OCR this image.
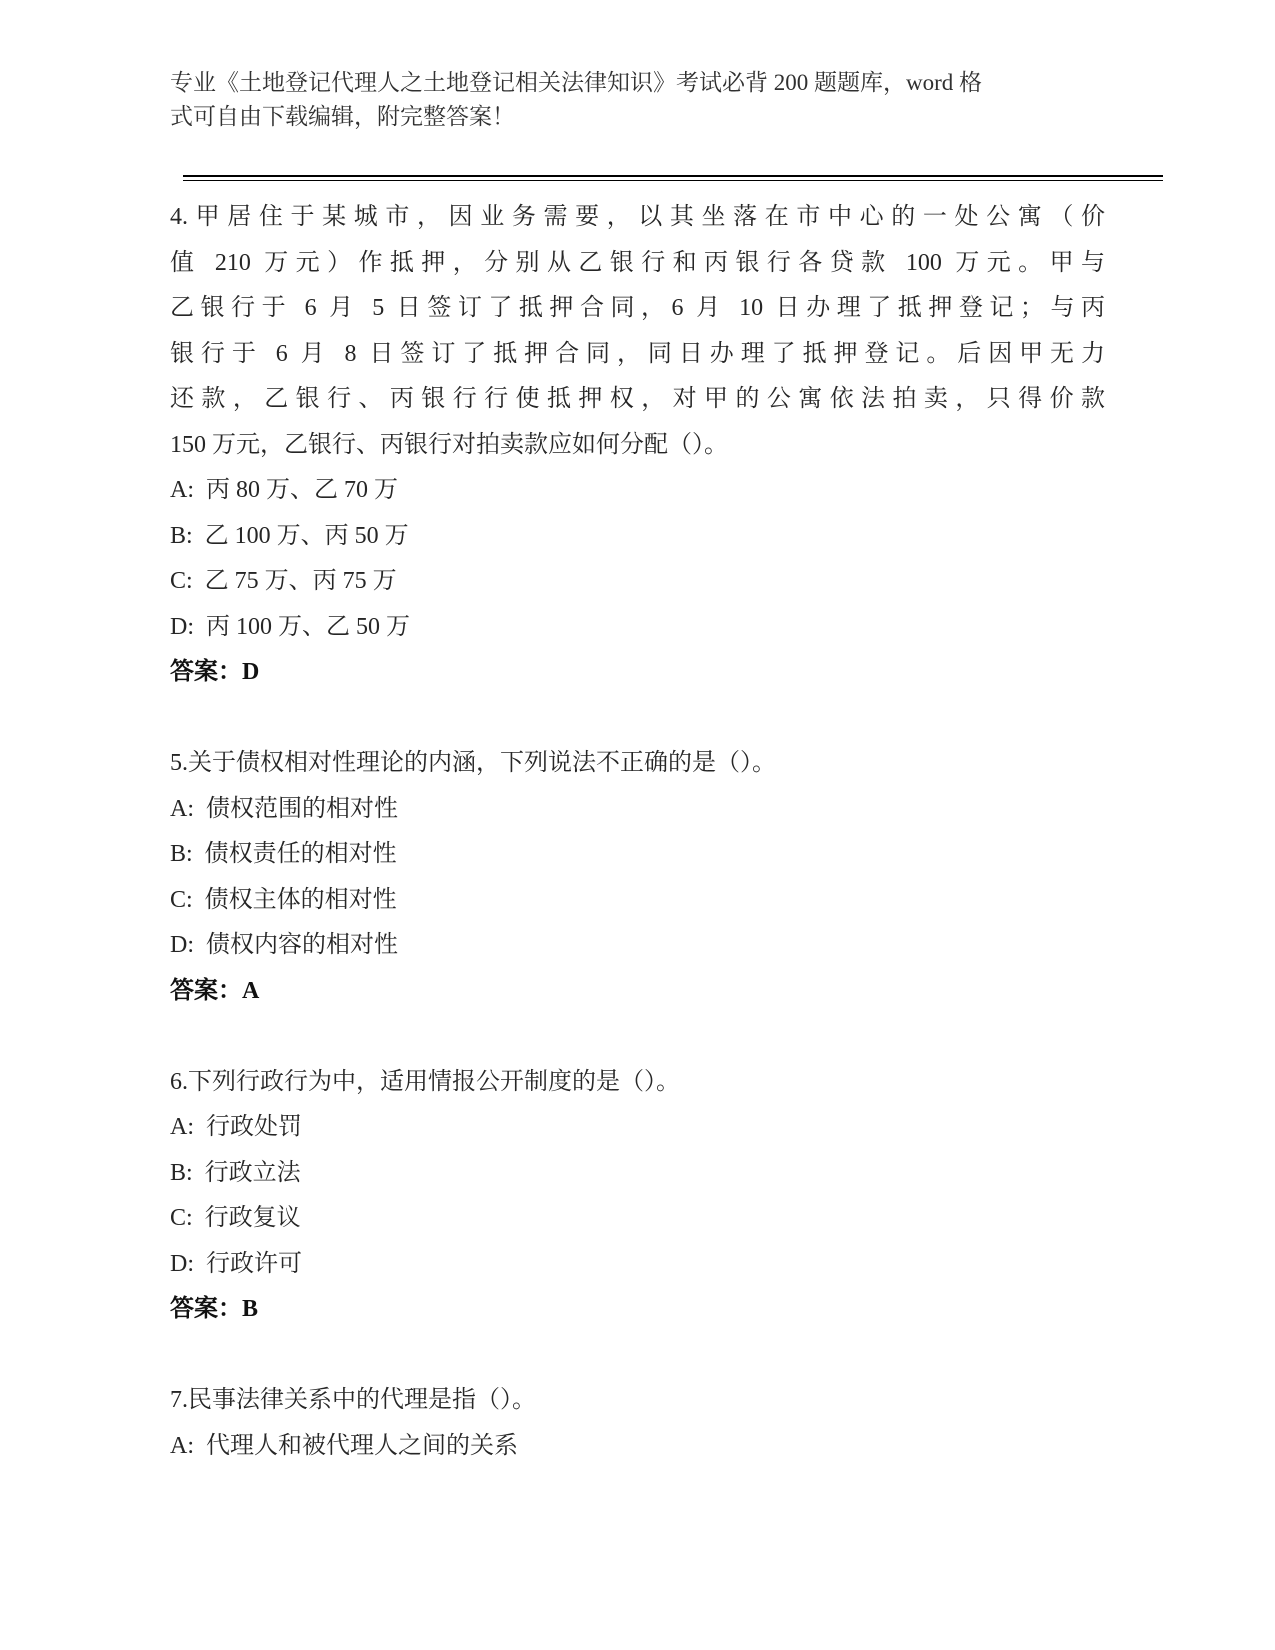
专业《土地登记代理人之土地登记相关法律知识》考试必背 200 题题库，word 格
式可自由下载编辑，附完整答案！
4.甲居住于某城市，因业务需要，以其坐落在市中心的一处公寓（价
值 210 万元）作抵押，分别从乙银行和丙银行各贷款 100 万元。甲与
乙银行于 6 月 5 日签订了抵押合同，6 月 10 日办理了抵押登记；与丙
银行于 6 月 8 日签订了抵押合同，同日办理了抵押登记。后因甲无力
还款，乙银行、丙银行行使抵押权，对甲的公寓依法拍卖，只得价款
150 万元，乙银行、丙银行对拍卖款应如何分配（）。
A:  丙 80 万、乙 70 万
B:  乙 100 万、丙 50 万
C:  乙 75 万、丙 75 万
D:  丙 100 万、乙 50 万
答案：D
5.关于债权相对性理论的内涵，下列说法不正确的是（）。
A:  债权范围的相对性
B:  债权责任的相对性
C:  债权主体的相对性
D:  债权内容的相对性
答案：A
6.下列行政行为中，适用情报公开制度的是（）。
A:  行政处罚
B:  行政立法
C:  行政复议
D:  行政许可
答案：B
7.民事法律关系中的代理是指（）。
A:  代理人和被代理人之间的关系
